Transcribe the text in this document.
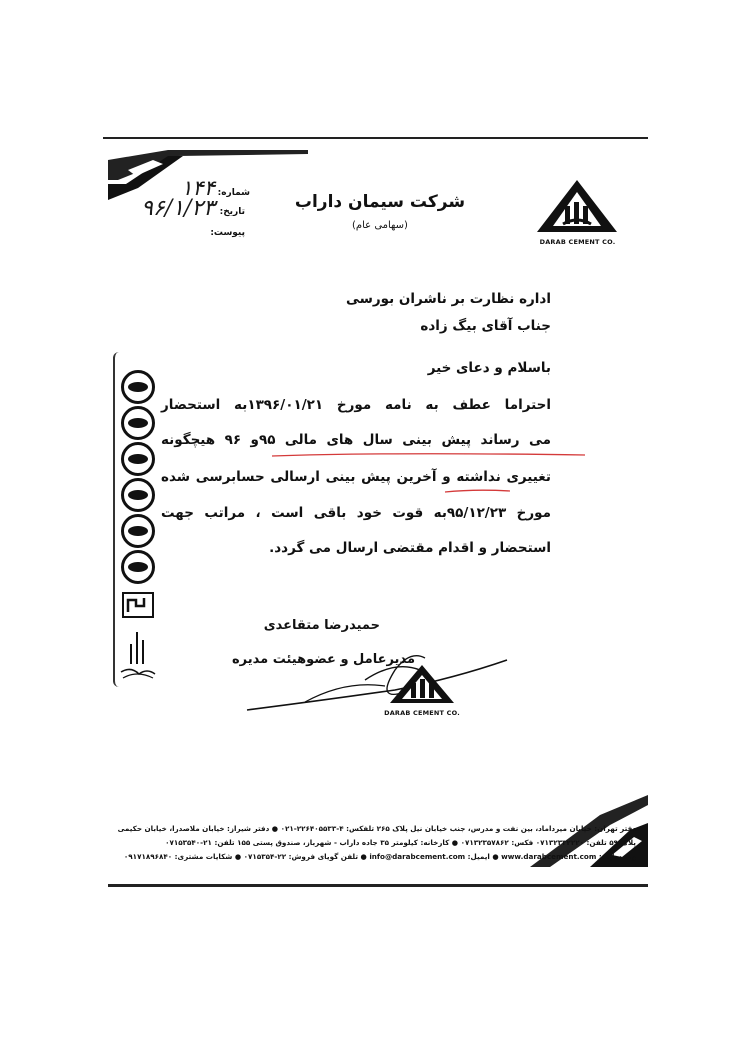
DARAB CEMENT CO.
شرکت سیمان داراب
(سهامی عام)
شماره:
۱۴۴
تاریخ:
۹۶/۱/۲۳
پیوست:
اداره نظارت بر ناشران بورسی
جناب آقای بیگ زاده
باسلام و دعای خیر
احتراما عطف به نامه مورخ ۱۳۹۶/۰۱/۲۱به استحضار
می رساند پیش بینی سال های مالی ۹۵و ۹۶ هیچگونه
تغییری نداشته و آخرین پیش بینی ارسالی حسابرسی شده
مورخ ۹۵/۱۲/۲۳به قوت خود باقی است ، مراتب جهت
استحضار و اقدام مقتضی ارسال می گردد.
حمیدرضا متقاعدی
مدیرعامل و عضوهیئت مدیره
DARAB CEMENT CO.
دفتر تهران: خیابان میرداماد، بین نفت و مدرس، جنب خیابان نیل پلاک ۲۶۵ تلفکس: ۴-۲۲۶۴۰۵۵۳۳-۰۲۱ ● دفتر شیراز: خیابان ملاصدرا، خیابان حکیمی
پلاک ۵۹ تلفن: ۰۷۱۳۲۳۳۲۲۲۰ فکس: ۰۷۱۳۲۳۵۷۸۶۲ ● کارخانه: کیلومتر ۳۵ جاده داراب - شهرباز، صندوق پستی ۱۵۵ تلفن: ۲۱-۰۷۱۵۳۵۴۰
وب سایت: www.darabcement.com ● ایمیل: info@darabcement.com ● تلفن گویای فروش: ۲۲-۰۷۱۵۳۵۴ ● شکایات مشتری: ۰۹۱۷۱۸۹۶۸۴۰
